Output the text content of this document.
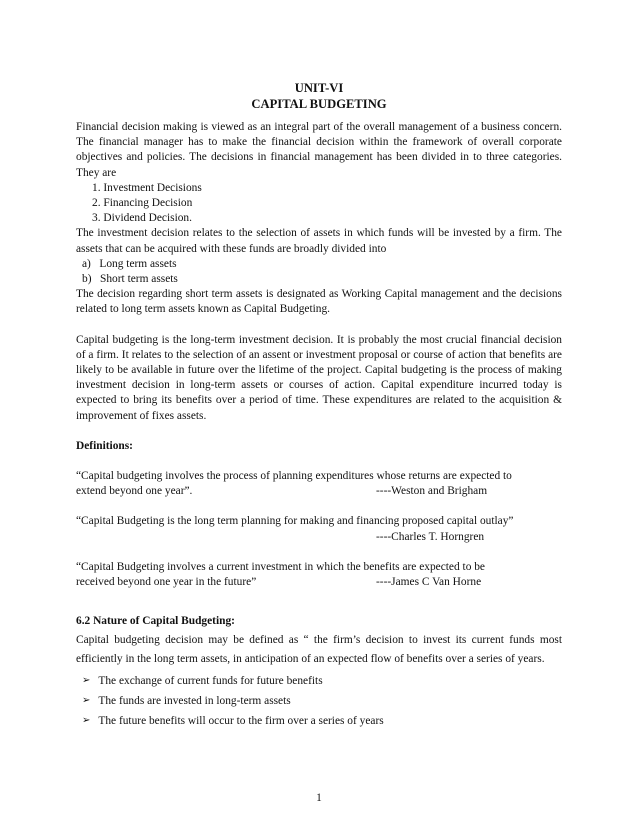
UNIT-VI
CAPITAL BUDGETING

Financial decision making is viewed as an integral part of the overall management of a business concern. The financial manager has to make the financial decision within the framework of overall corporate objectives and policies. The decisions in financial management has been divided in to three categories. They are

1. Investment Decisions
2. Financing Decision
3. Dividend Decision.

The investment decision relates to the selection of assets in which funds will be invested by a firm. The assets that can be acquired with these funds are broadly divided into

a)   Long term assets
b)   Short term assets

The decision regarding short term assets is designated as Working Capital management and the decisions related to long term assets known as Capital Budgeting.

Capital budgeting is the long-term investment decision. It is probably the most crucial financial decision of a firm. It relates to the selection of an assent or investment proposal or course of action that benefits are likely to be available in future over the lifetime of the project. Capital budgeting is the process of making investment decision in long-term assets or courses of action. Capital expenditure incurred today is expected to bring its benefits over a period of time. These expenditures are related to the acquisition & improvement of fixes assets.

Definitions:

“Capital budgeting involves the process of planning expenditures whose returns are expected to

extend beyond one year”.	----Weston and Brigham

“Capital Budgeting is the long term planning for making and financing proposed capital outlay”

----Charles T. Horngren

“Capital Budgeting involves a current investment in which the benefits are expected to be

received beyond one year in the future”	----James C Van Horne

6.2 Nature of Capital Budgeting:

Capital budgeting decision may be defined as “ the firm’s decision to invest its current funds most efficiently in the long term assets, in anticipation of an expected flow of benefits over a series of years.

➢ The exchange of current funds for future benefits
➢ The funds are invested in long-term assets
➢ The future benefits will occur to the firm over a series of years
1
